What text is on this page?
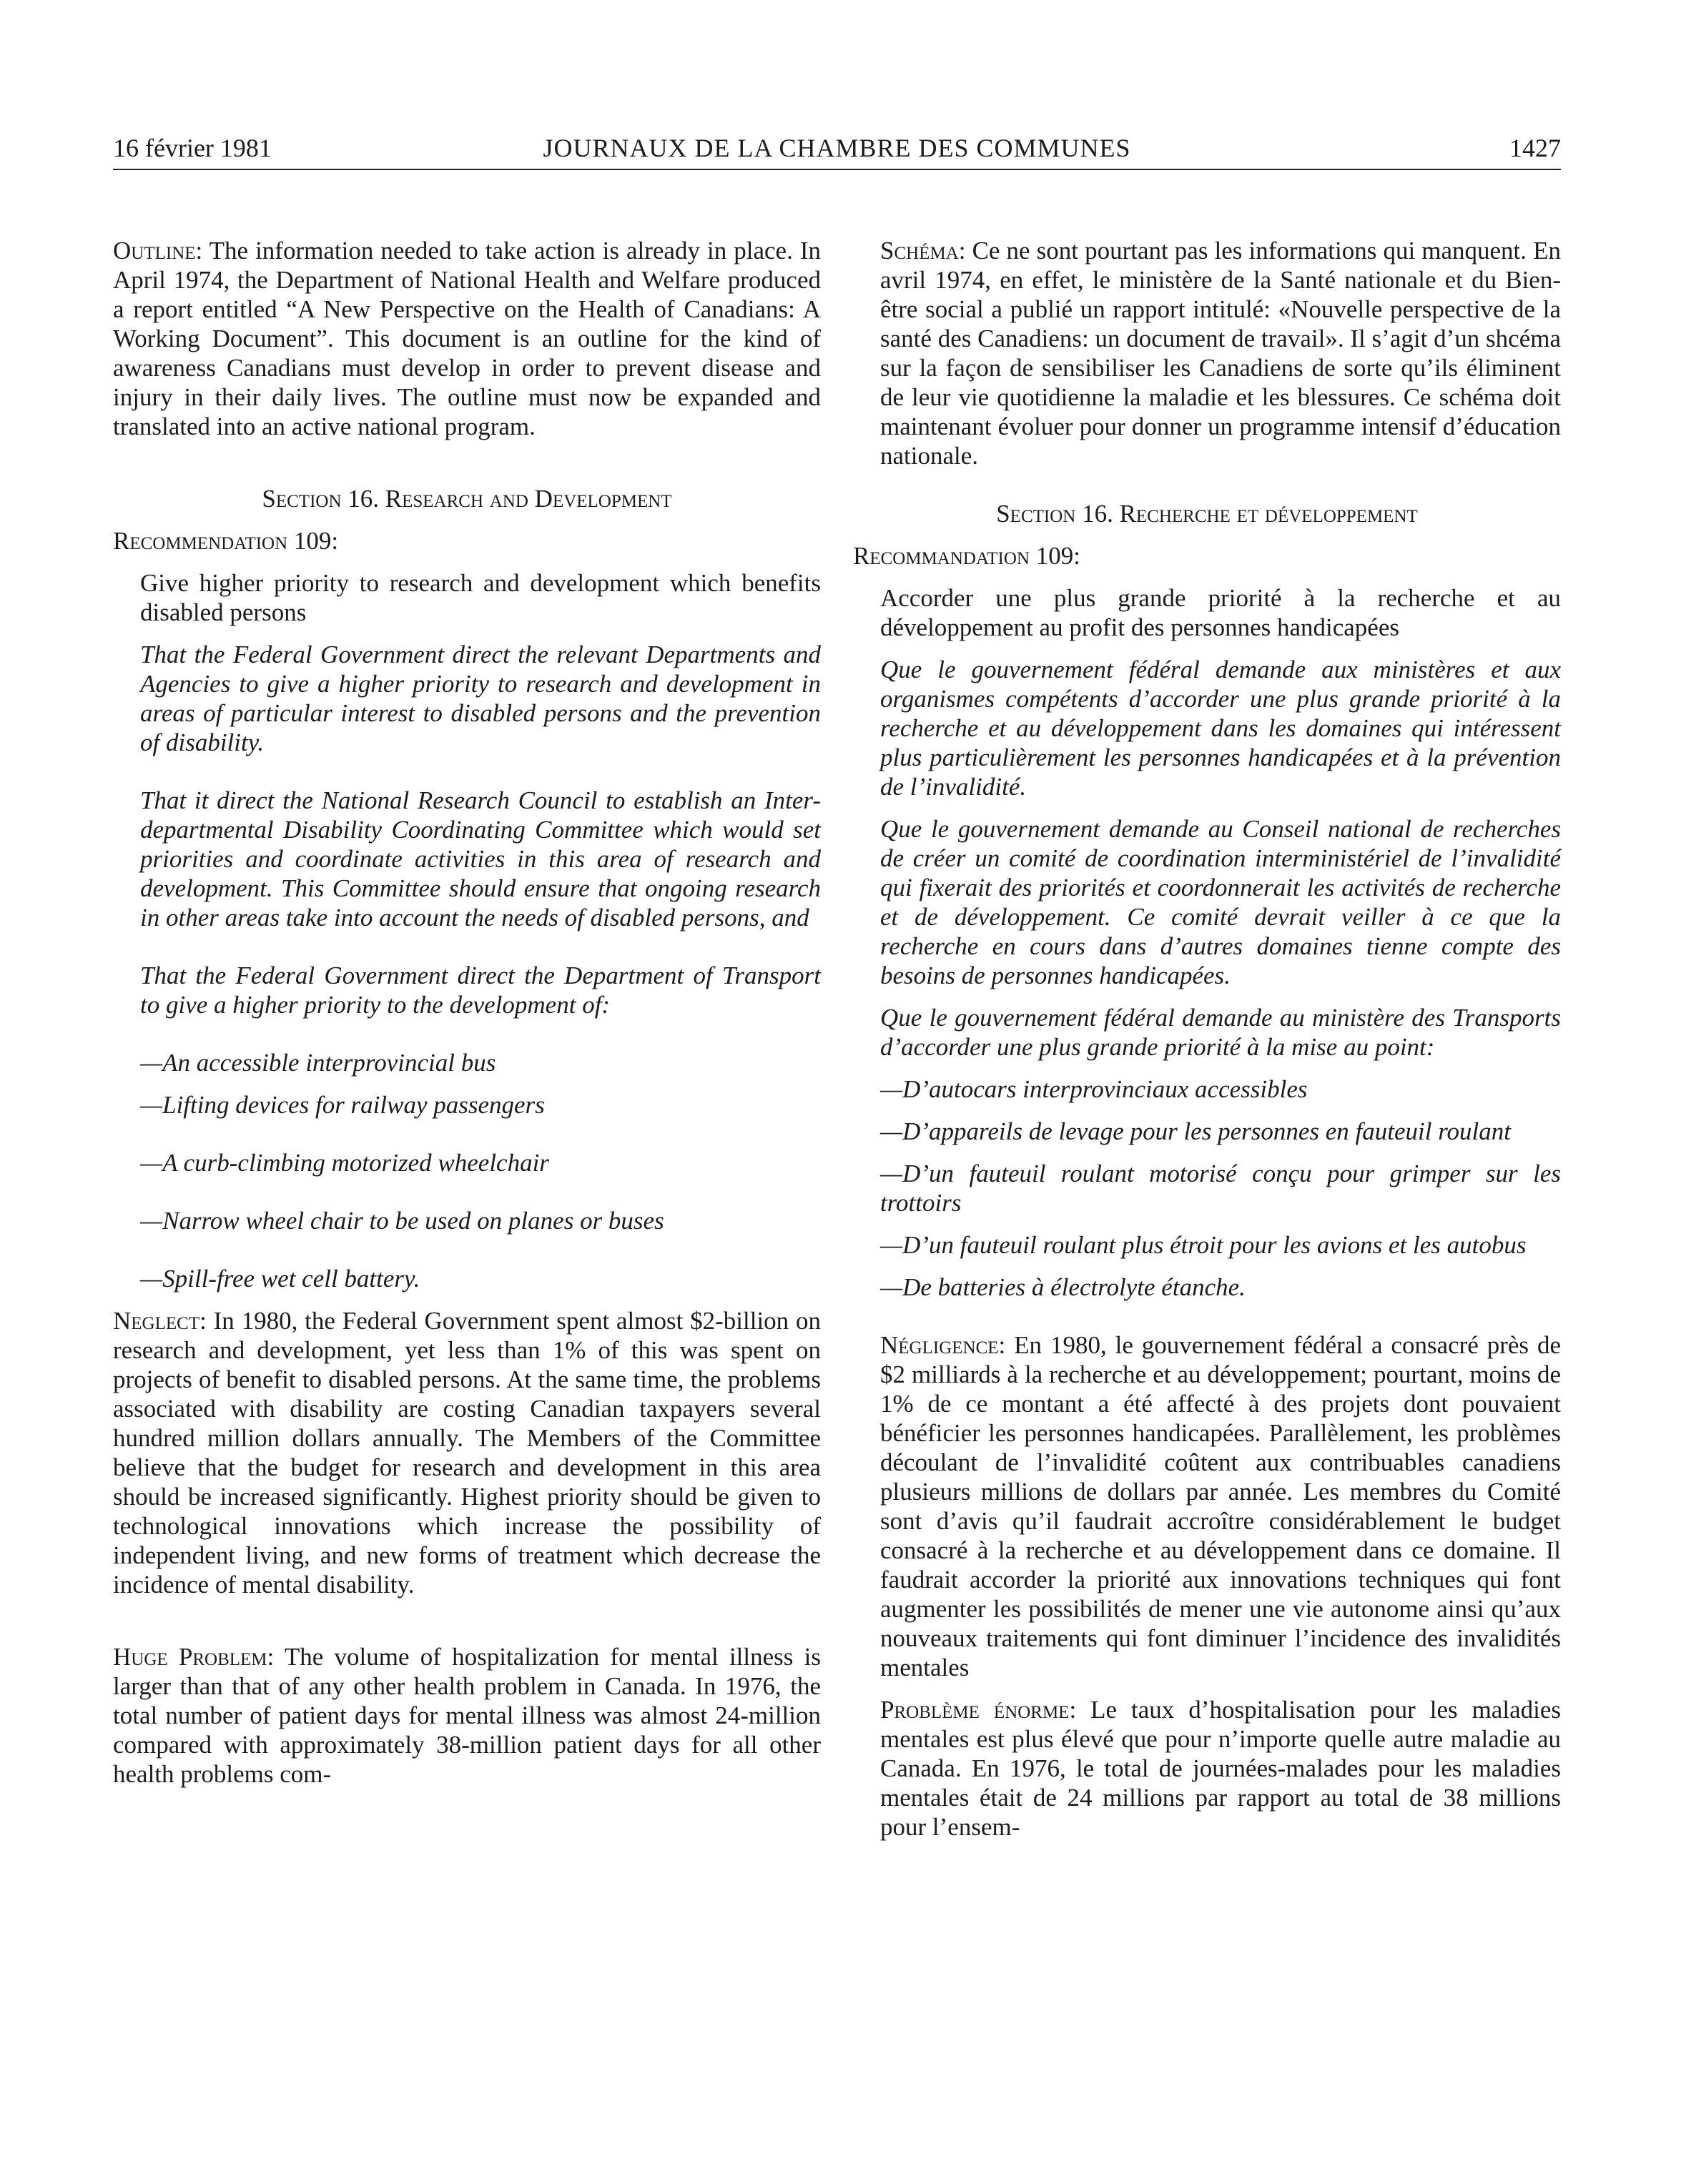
16 février 1981	JOURNAUX DE LA CHAMBRE DES COMMUNES	1427

Outline: The information needed to take action is already in place. In April 1974, the Department of National Health and Welfare produced a report entitled “A New Perspective on the Health of Canadians: A Working Document”. This document is an outline for the kind of awareness Canadians must develop in order to prevent disease and injury in their daily lives. The outline must now be expanded and translated into an active national program.

Section 16. Research and Development

Recommendation 109:

Give higher priority to research and development which benefits disabled persons

That the Federal Government direct the relevant Departments and Agencies to give a higher priority to research and development in areas of particular interest to disabled persons and the prevention of disability.

That it direct the National Research Council to establish an Inter-departmental Disability Coordinating Committee which would set priorities and coordinate activities in this area of research and development. This Committee should ensure that ongoing research in other areas take into account the needs of disabled persons, and

That the Federal Government direct the Department of Transport to give a higher priority to the development of:

—An accessible interprovincial bus

—Lifting devices for railway passengers

—A curb-climbing motorized wheelchair

—Narrow wheel chair to be used on planes or buses

—Spill-free wet cell battery.

Neglect: In 1980, the Federal Government spent almost $2-billion on research and development, yet less than 1% of this was spent on projects of benefit to disabled persons. At the same time, the problems associated with disability are costing Canadian taxpayers several hundred million dollars annually. The Members of the Committee believe that the budget for research and development in this area should be increased significantly. Highest priority should be given to technological innovations which increase the possibility of independent living, and new forms of treatment which decrease the incidence of mental disability.

Huge Problem: The volume of hospitalization for mental illness is larger than that of any other health problem in Canada. In 1976, the total number of patient days for mental illness was almost 24-million compared with approximately 38-million patient days for all other health problems com-

Schéma: Ce ne sont pourtant pas les informations qui manquent. En avril 1974, en effet, le ministère de la Santé nationale et du Bien-être social a publié un rapport intitulé: «Nouvelle perspective de la santé des Canadiens: un document de travail». Il s’agit d’un shcéma sur la façon de sensibiliser les Canadiens de sorte qu’ils éliminent de leur vie quotidienne la maladie et les blessures. Ce schéma doit maintenant évoluer pour donner un programme intensif d’éducation nationale.

Section 16. Recherche et développement

Recommandation 109:

Accorder une plus grande priorité à la recherche et au développement au profit des personnes handicapées

Que le gouvernement fédéral demande aux ministères et aux organismes compétents d’accorder une plus grande priorité à la recherche et au développement dans les domaines qui intéressent plus particulièrement les personnes handicapées et à la prévention de l’invalidité.

Que le gouvernement demande au Conseil national de recherches de créer un comité de coordination interministériel de l’invalidité qui fixerait des priorités et coordonnerait les activités de recherche et de développement. Ce comité devrait veiller à ce que la recherche en cours dans d’autres domaines tienne compte des besoins de personnes handicapées.

Que le gouvernement fédéral demande au ministère des Transports d’accorder une plus grande priorité à la mise au point:

—D’autocars interprovinciaux accessibles

—D’appareils de levage pour les personnes en fauteuil roulant

—D’un fauteuil roulant motorisé conçu pour grimper sur les trottoirs

—D’un fauteuil roulant plus étroit pour les avions et les autobus

—De batteries à électrolyte étanche.

Négligence: En 1980, le gouvernement fédéral a consacré près de $2 milliards à la recherche et au développement; pourtant, moins de 1% de ce montant a été affecté à des projets dont pouvaient bénéficier les personnes handicapées. Parallèlement, les problèmes découlant de l’invalidité coûtent aux contribuables canadiens plusieurs millions de dollars par année. Les membres du Comité sont d’avis qu’il faudrait accroître considérablement le budget consacré à la recherche et au développement dans ce domaine. Il faudrait accorder la priorité aux innovations techniques qui font augmenter les possibilités de mener une vie autonome ainsi qu’aux nouveaux traitements qui font diminuer l’incidence des invalidités mentales

Problème énorme: Le taux d’hospitalisation pour les maladies mentales est plus élevé que pour n’importe quelle autre maladie au Canada. En 1976, le total de journées-malades pour les maladies mentales était de 24 millions par rapport au total de 38 millions pour l’ensem-
